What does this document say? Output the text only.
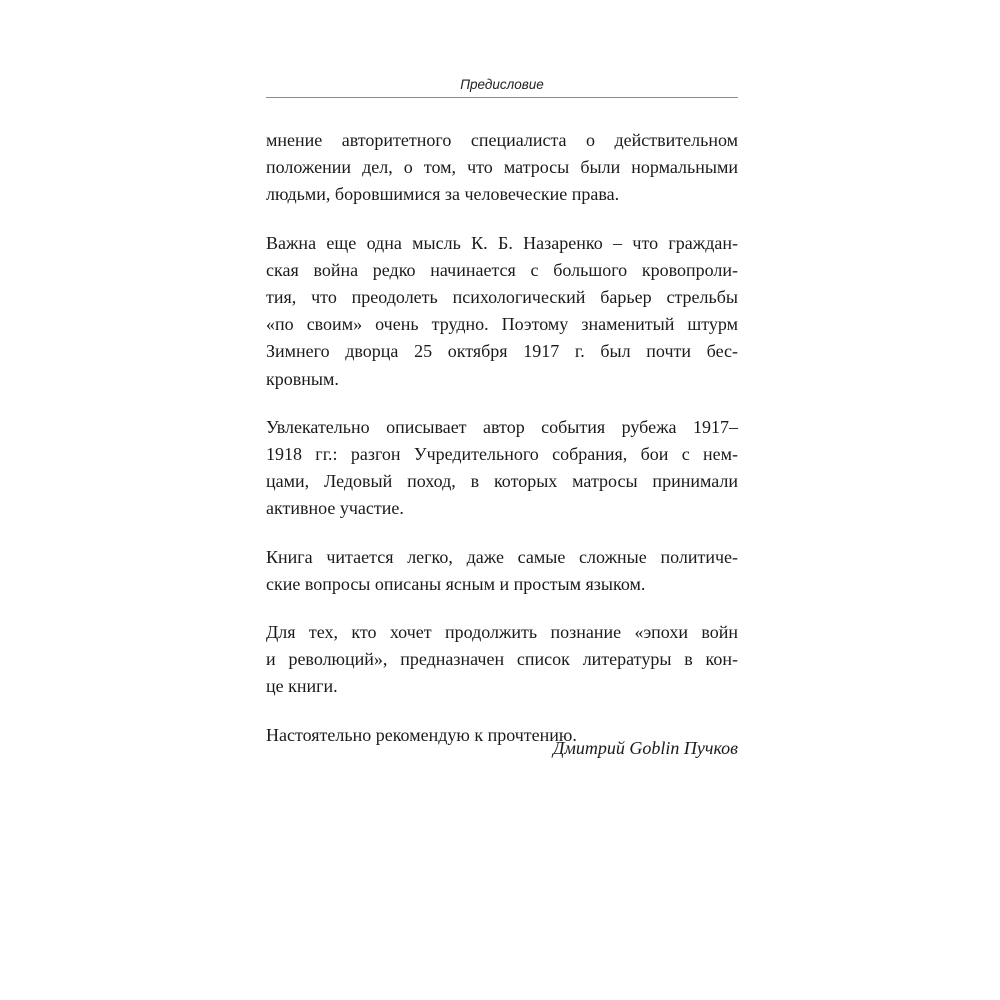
Предисловие

мнение авторитетного специалиста о действительном
положении дел, о том, что матросы были нормальными
людьми, боровшимися за человеческие права.

Важна еще одна мысль К. Б. Назаренко – что граждан-
ская война редко начинается с большого кровопроли-
тия, что преодолеть психологический барьер стрельбы
«по своим» очень трудно. Поэтому знаменитый штурм
Зимнего дворца 25 октября 1917 г. был почти бес-
кровным.

Увлекательно описывает автор события рубежа 1917–
1918 гг.: разгон Учредительного собрания, бои с нем-
цами, Ледовый поход, в которых матросы принимали
активное участие.

Книга читается легко, даже самые сложные политиче-
ские вопросы описаны ясным и простым языком.

Для тех, кто хочет продолжить познание «эпохи войн
и революций», предназначен список литературы в кон-
це книги.

Настоятельно рекомендую к прочтению.

Дмитрий Goblin Пучков
